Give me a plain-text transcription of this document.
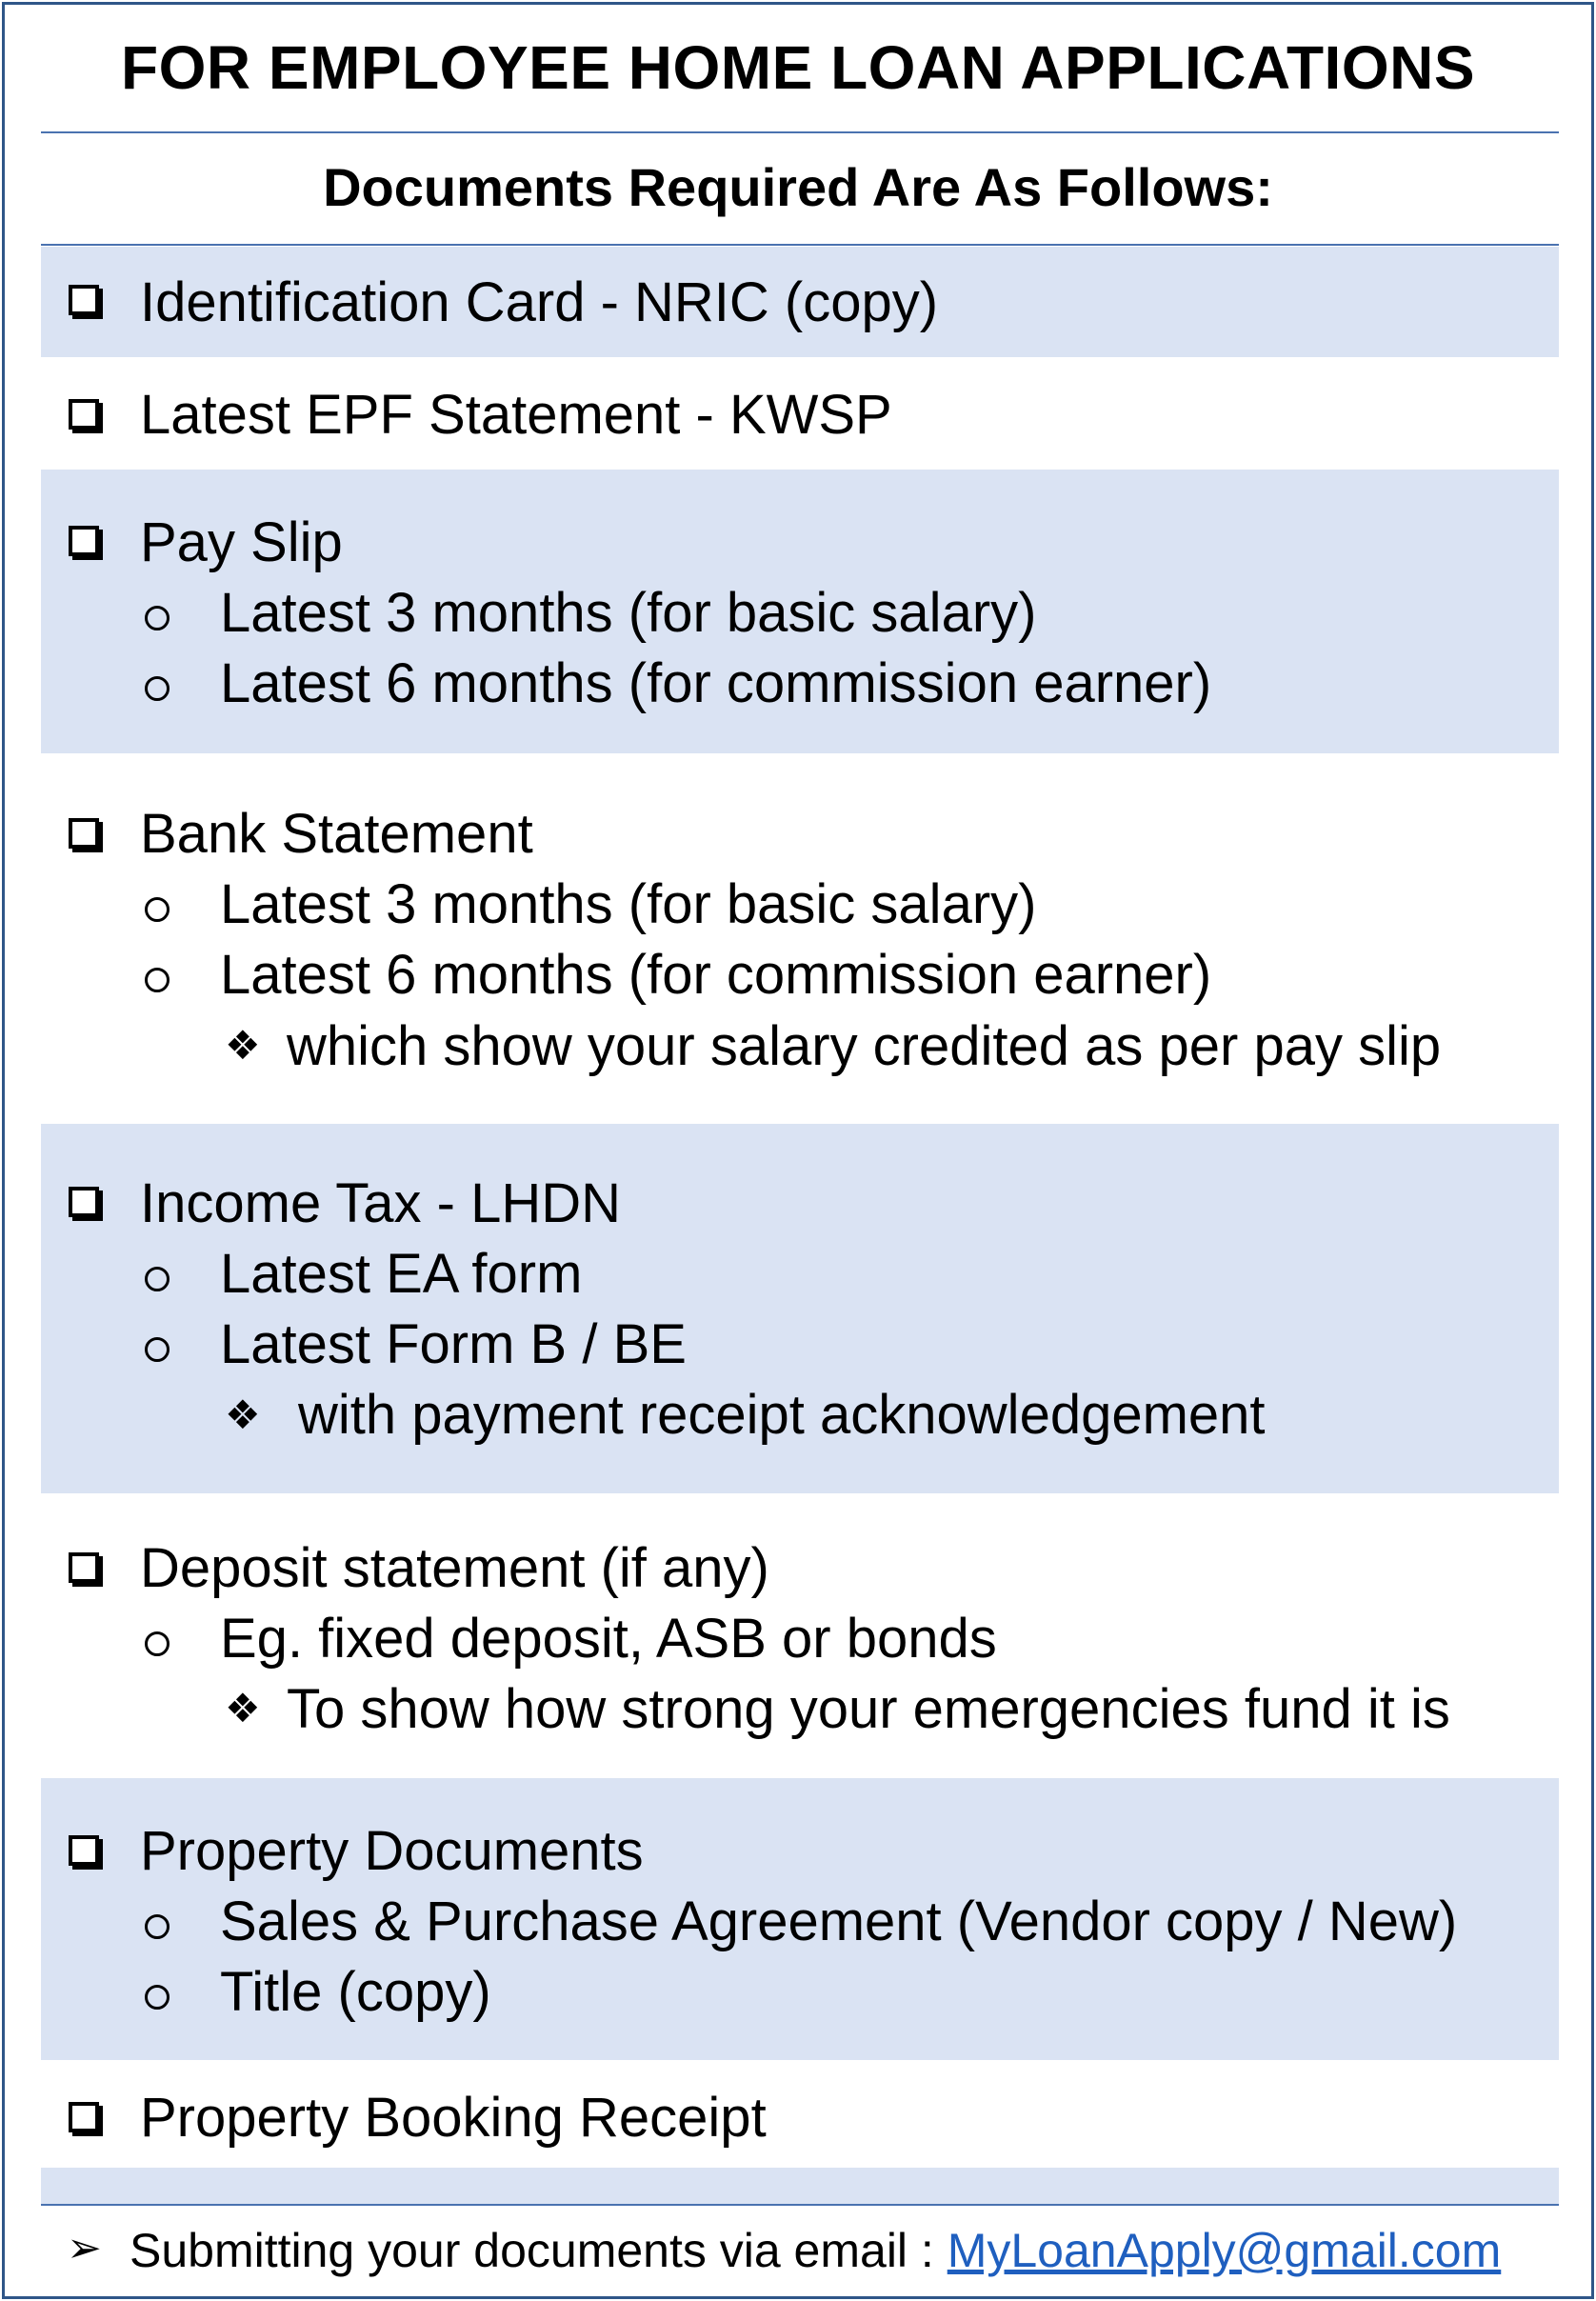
FOR EMPLOYEE HOME LOAN APPLICATIONS
Documents Required Are As Follows:
Identification Card - NRIC (copy)
Latest EPF Statement - KWSP
Pay Slip
Latest 3 months (for basic salary)
Latest 6 months (for commission earner)
Bank Statement
Latest 3 months (for basic salary)
Latest 6 months (for commission earner)
❖ which show your salary credited as per pay slip
Income Tax - LHDN
Latest EA form
Latest Form B / BE
❖ with payment receipt acknowledgement
Deposit statement (if any)
Eg. fixed deposit, ASB or bonds
❖ To show how strong your emergencies fund it is
Property Documents
Sales & Purchase Agreement (Vendor copy / New)
Title (copy)
Property Booking Receipt
➢ Submitting your documents via email : MyLoanApply@gmail.com
